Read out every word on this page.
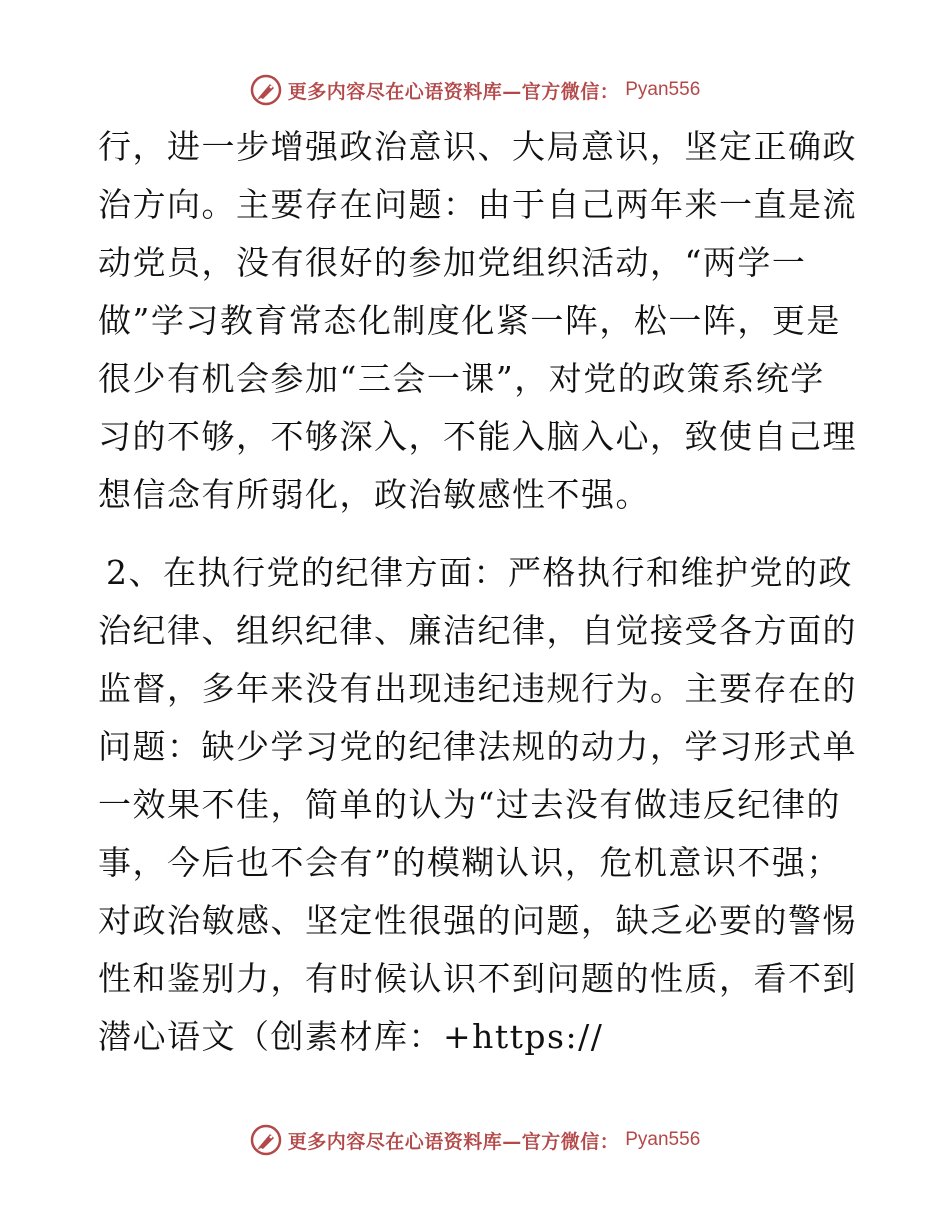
更多内容尽在心语资料库—官方微信： Pyan556

行，进一步增强政治意识、大局意识，坚定正确政治方向。主要存在问题：由于自己两年来一直是流动党员，没有很好的参加党组织活动，“两学一做”学习教育常态化制度化紧一阵，松一阵，更是很少有机会参加“三会一课”，对党的政策系统学习的不够，不够深入，不能入脑入心，致使自己理想信念有所弱化，政治敏感性不强。

2、在执行党的纪律方面：严格执行和维护党的政治纪律、组织纪律、廉洁纪律，自觉接受各方面的监督，多年来没有出现违纪违规行为。主要存在的问题：缺少学习党的纪律法规的动力，学习形式单一效果不佳，简单的认为“过去没有做违反纪律的事，今后也不会有”的模糊认识，危机意识不强；对政治敏感、坚定性很强的问题，缺乏必要的警惕性和鉴别力，有时候认识不到问题的性质，看不到潜心语文（创素材库：+https://

更多内容尽在心语资料库—官方微信： Pyan556
